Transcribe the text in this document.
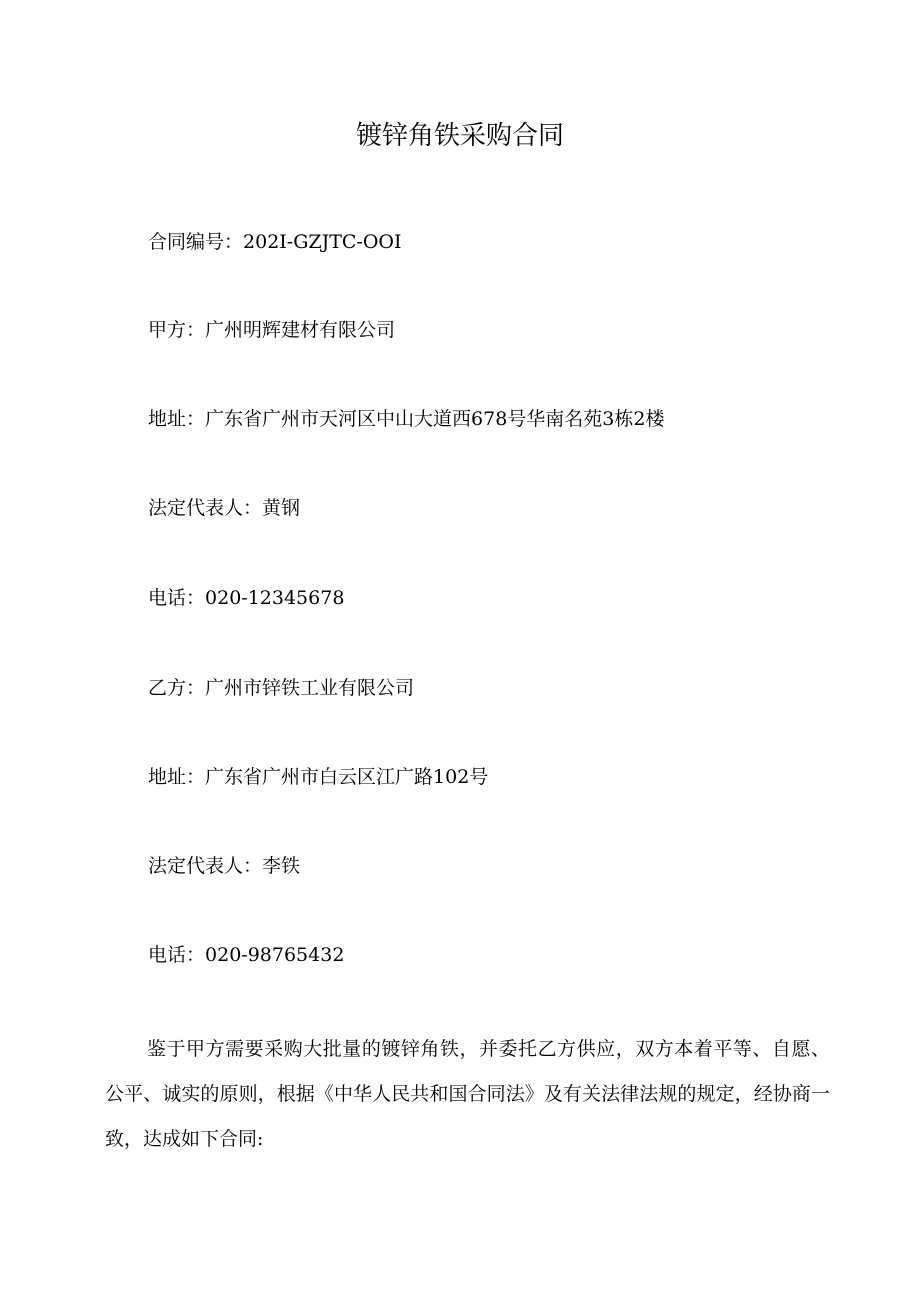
镀锌角铁采购合同
合同编号：202I-GZJTC-OOI
甲方：广州明辉建材有限公司
地址：广东省广州市天河区中山大道西678号华南名苑3栋2楼
法定代表人：黄钢
电话：020-12345678
乙方：广州市锌铁工业有限公司
地址：广东省广州市白云区江广路102号
法定代表人：李铁
电话：020-98765432
鉴于甲方需要采购大批量的镀锌角铁，并委托乙方供应，双方本着平等、自愿、公平、诚实的原则，根据《中华人民共和国合同法》及有关法律法规的规定，经协商一致，达成如下合同:
